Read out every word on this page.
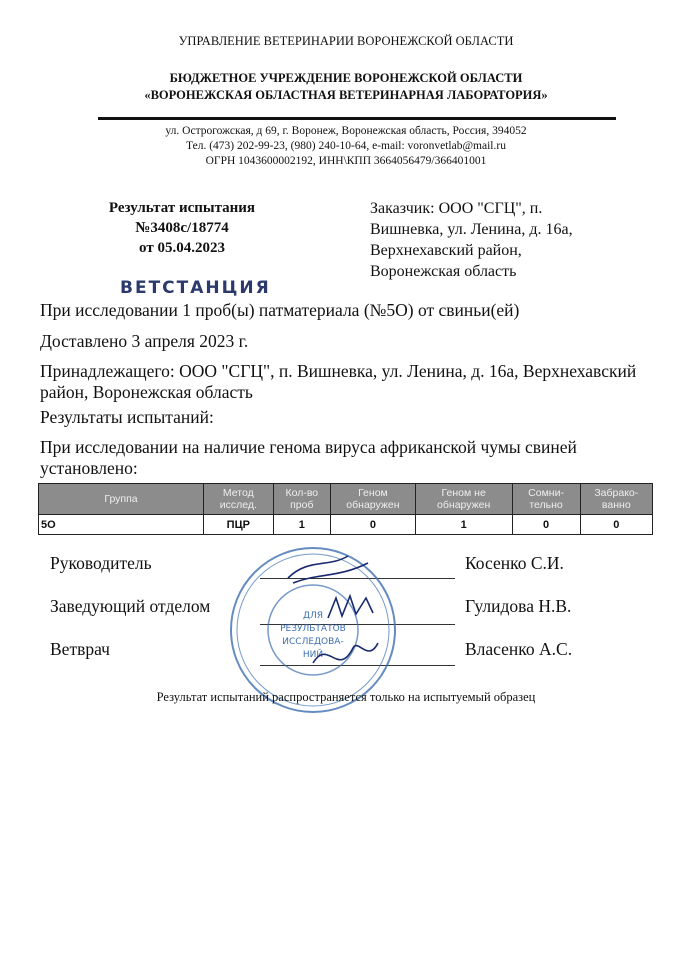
УПРАВЛЕНИЕ ВЕТЕРИНАРИИ ВОРОНЕЖСКОЙ ОБЛАСТИ
БЮДЖЕТНОЕ УЧРЕЖДЕНИЕ ВОРОНЕЖСКОЙ ОБЛАСТИ
«ВОРОНЕЖСКАЯ ОБЛАСТНАЯ ВЕТЕРИНАРНАЯ ЛАБОРАТОРИЯ»
ул. Острогожская, д 69, г. Воронеж, Воронежская область, Россия, 394052
Тел. (473) 202-99-23, (980) 240-10-64, e-mail: voronvetlab@mail.ru
ОГРН 1043600002192, ИНН\КПП 3664056479/366401001
Результат испытания
№3408с/18774
от 05.04.2023
Заказчик: ООО "СГЦ", п.
Вишневка, ул. Ленина, д. 16а,
Верхнехавский район,
Воронежская область
ВЕТСТАНЦИЯ
При исследовании 1 проб(ы) патматериала (№5О) от свиньи(ей)
Доставлено 3 апреля 2023 г.
Принадлежащего: ООО "СГЦ", п. Вишневка, ул. Ленина, д. 16а, Верхнехавский район, Воронежская область
Результаты испытаний:
При исследовании на наличие генома вируса африканской чумы свиней установлено:
Группа	Метод исслед.	Кол-во проб	Геном обнаружен	Геном не обнаружен	Сомни-тельно	Забрако-ванно
5О	ПЦР	1	0	1	0	0
Руководитель	Косенко С.И.
Заведующий отделом	Гулидова Н.В.
Ветврач	Власенко А.С.
ДЛЯ
РЕЗУЛЬТАТОВ
ИССЛЕДОВА-
НИЙ
Результат испытаний распространяется только на испытуемый образец
